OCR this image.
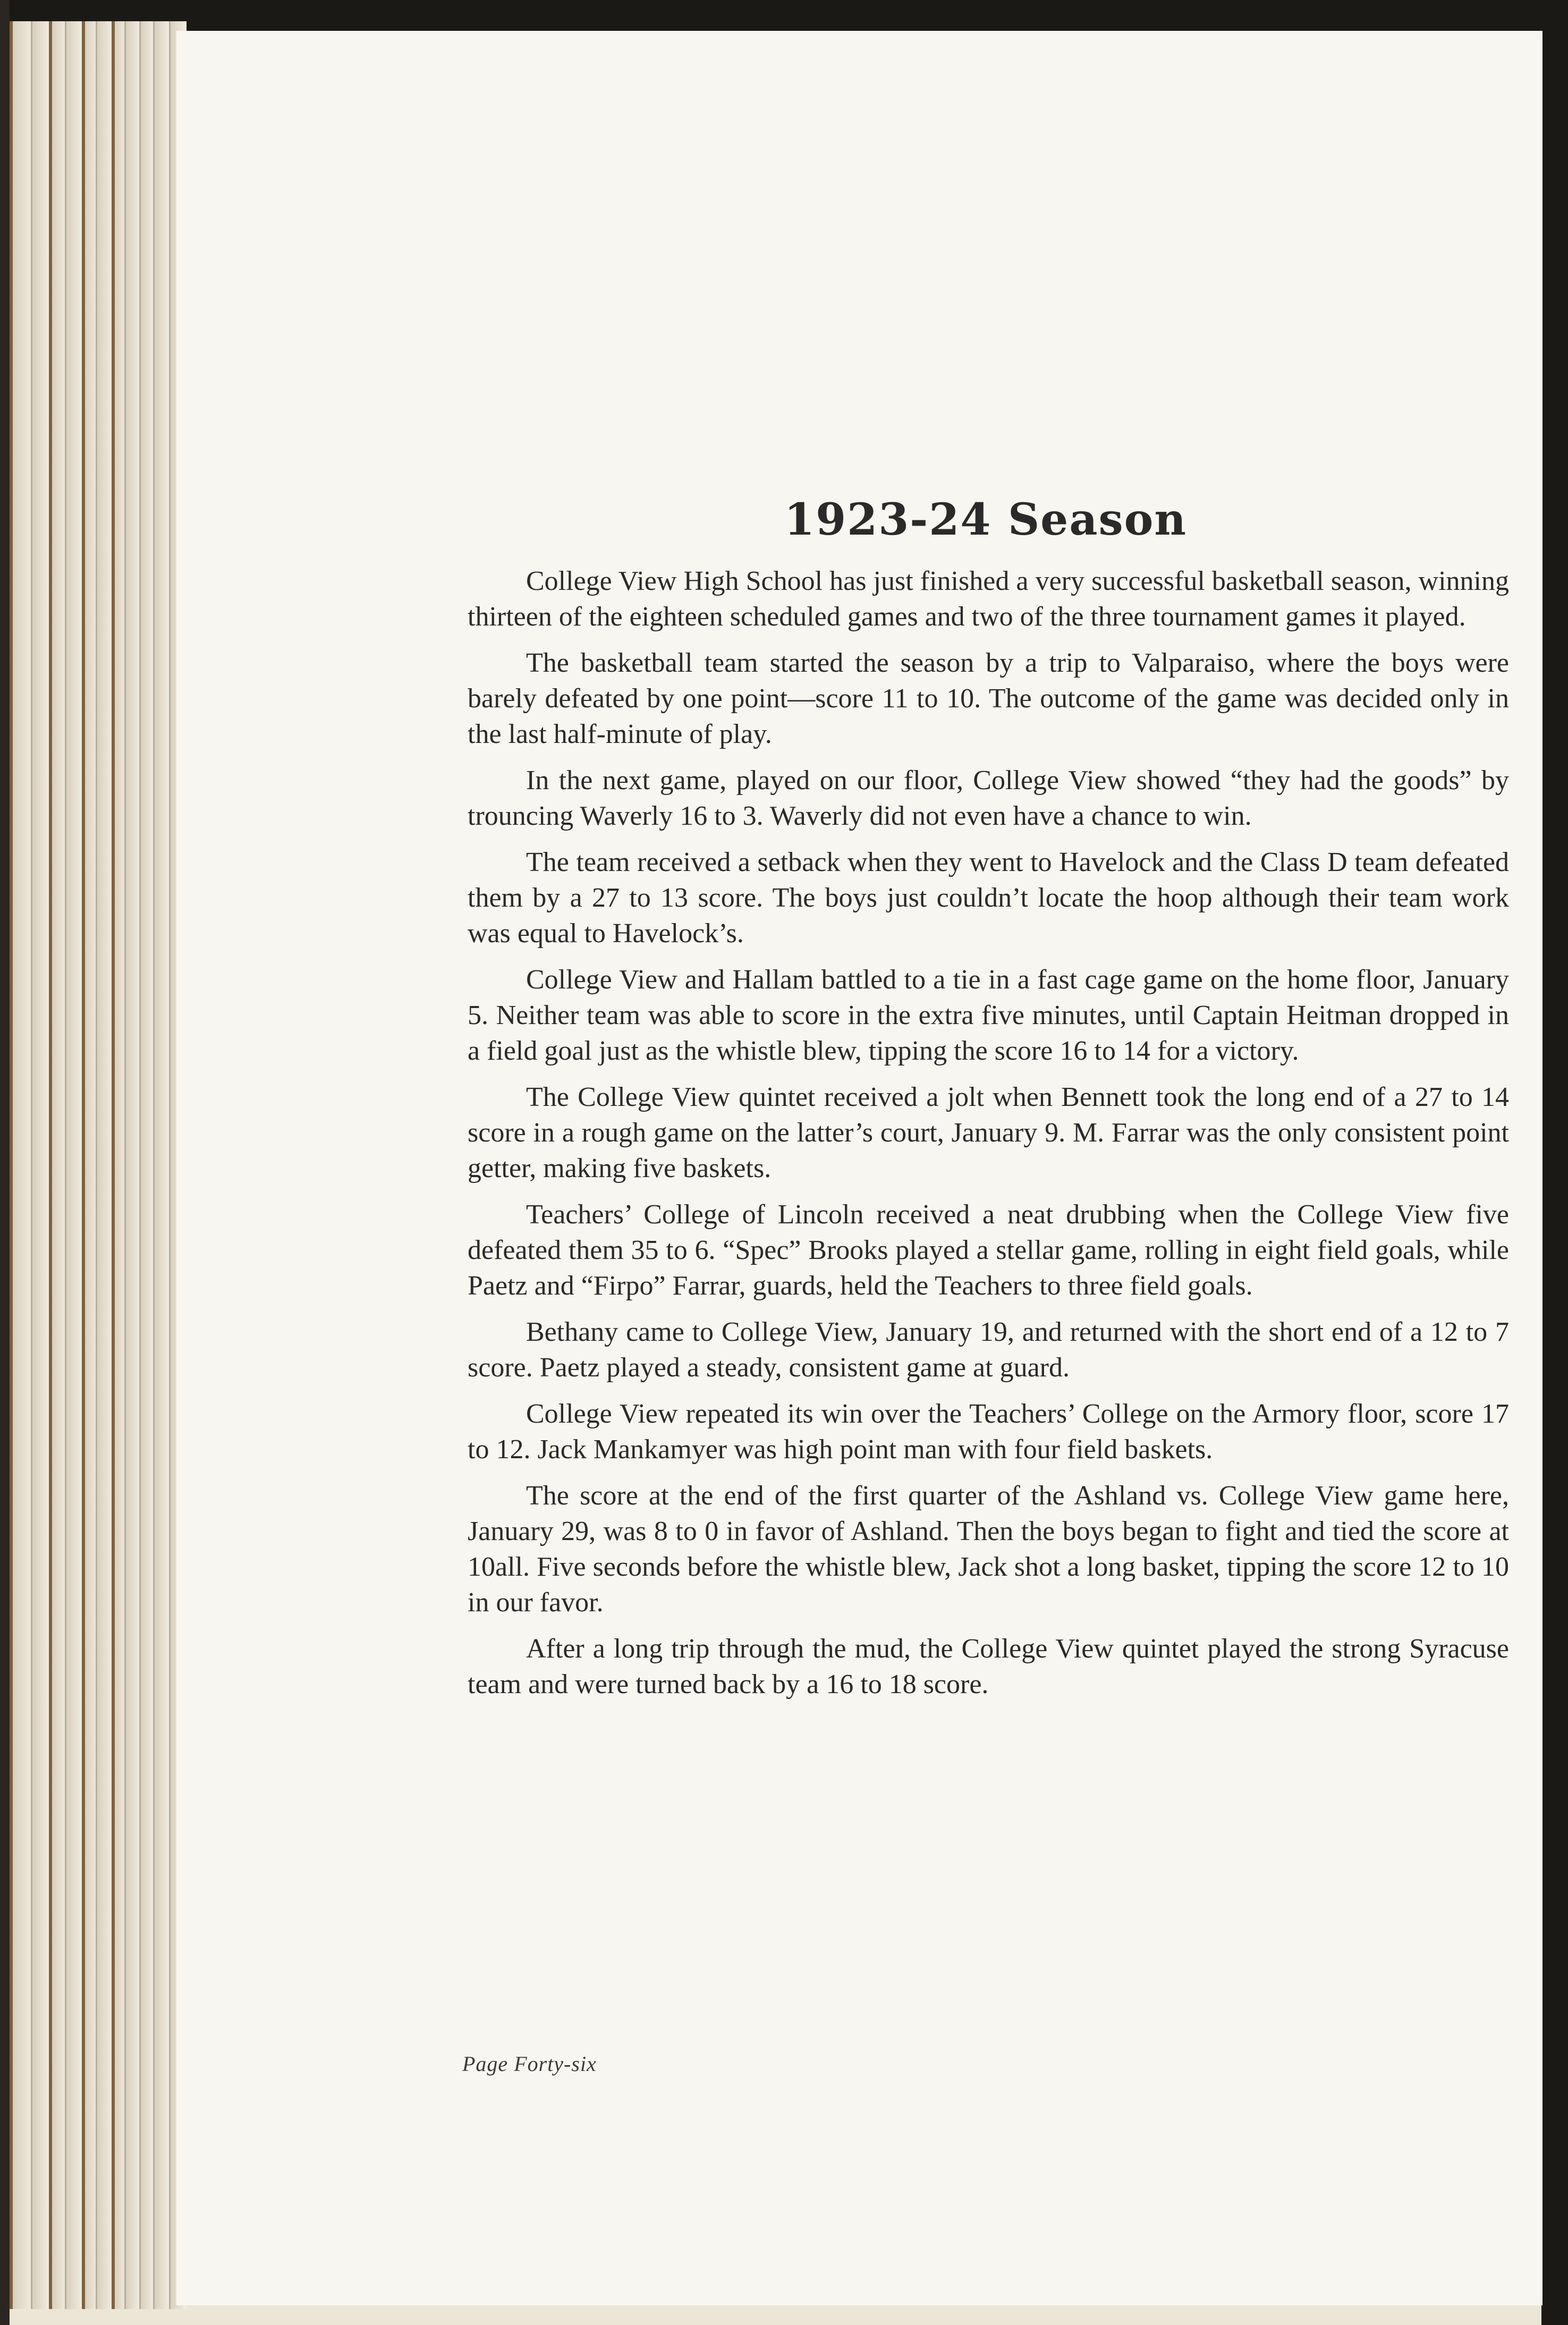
1923-24 Season

College View High School has just finished a very successful basketball season, winning thirteen of the eighteen scheduled games and two of the three tournament games it played.

The basketball team started the season by a trip to Valparaiso, where the boys were barely defeated by one point—score 11 to 10. The outcome of the game was decided only in the last half-minute of play.

In the next game, played on our floor, College View showed “they had the goods” by trouncing Waverly 16 to 3. Waverly did not even have a chance to win.

The team received a setback when they went to Havelock and the Class D team defeated them by a 27 to 13 score. The boys just couldn’t locate the hoop although their team work was equal to Havelock’s.

College View and Hallam battled to a tie in a fast cage game on the home floor, January 5. Neither team was able to score in the extra five minutes, until Captain Heitman dropped in a field goal just as the whistle blew, tipping the score 16 to 14 for a victory.

The College View quintet received a jolt when Bennett took the long end of a 27 to 14 score in a rough game on the latter’s court, January 9. M. Farrar was the only consistent point getter, making five baskets.

Teachers’ College of Lincoln received a neat drubbing when the College View five defeated them 35 to 6. “Spec” Brooks played a stellar game, rolling in eight field goals, while Paetz and “Firpo” Farrar, guards, held the Teachers to three field goals.

Bethany came to College View, January 19, and returned with the short end of a 12 to 7 score. Paetz played a steady, consistent game at guard.

College View repeated its win over the Teachers’ College on the Armory floor, score 17 to 12. Jack Mankamyer was high point man with four field baskets.

The score at the end of the first quarter of the Ashland vs. College View game here, January 29, was 8 to 0 in favor of Ashland. Then the boys began to fight and tied the score at 10all. Five seconds before the whistle blew, Jack shot a long basket, tipping the score 12 to 10 in our favor.

After a long trip through the mud, the College View quintet played the strong Syracuse team and were turned back by a 16 to 18 score.

Page Forty-six
